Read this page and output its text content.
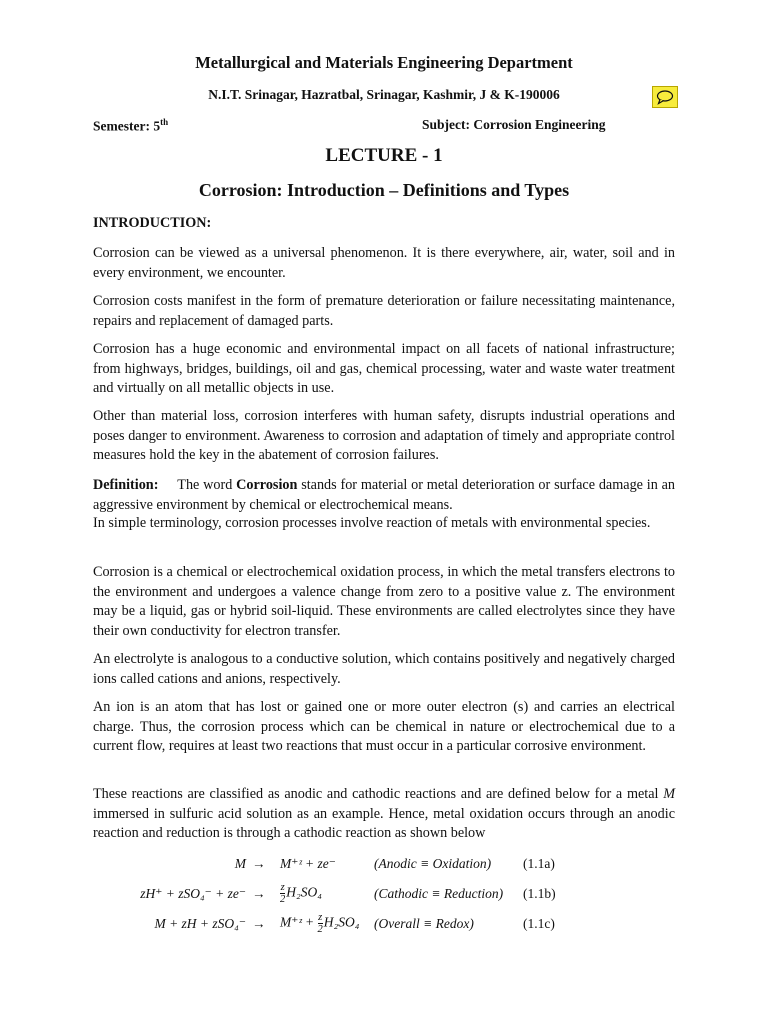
Metallurgical and Materials Engineering Department
N.I.T. Srinagar, Hazratbal, Srinagar, Kashmir, J & K-190006
Semester: 5th	Subject: Corrosion Engineering
LECTURE - 1
Corrosion: Introduction – Definitions and Types
INTRODUCTION:
Corrosion can be viewed as a universal phenomenon. It is there everywhere, air, water, soil and in every environment, we encounter.
Corrosion costs manifest in the form of premature deterioration or failure necessitating maintenance, repairs and replacement of damaged parts.
Corrosion has a huge economic and environmental impact on all facets of national infrastructure; from highways, bridges, buildings, oil and gas, chemical processing, water and waste water treatment and virtually on all metallic objects in use.
Other than material loss, corrosion interferes with human safety, disrupts industrial operations and poses danger to environment. Awareness to corrosion and adaptation of timely and appropriate control measures hold the key in the abatement of corrosion failures.
Definition: The word Corrosion stands for material or metal deterioration or surface damage in an aggressive environment by chemical or electrochemical means.
In simple terminology, corrosion processes involve reaction of metals with environmental species.
Corrosion is a chemical or electrochemical oxidation process, in which the metal transfers electrons to the environment and undergoes a valence change from zero to a positive value z. The environment may be a liquid, gas or hybrid soil-liquid. These environments are called electrolytes since they have their own conductivity for electron transfer.
An electrolyte is analogous to a conductive solution, which contains positively and negatively charged ions called cations and anions, respectively.
An ion is an atom that has lost or gained one or more outer electron (s) and carries an electrical charge. Thus, the corrosion process which can be chemical in nature or electrochemical due to a current flow, requires at least two reactions that must occur in a particular corrosive environment.
These reactions are classified as anodic and cathodic reactions and are defined below for a metal M immersed in sulfuric acid solution as an example. Hence, metal oxidation occurs through an anodic reaction and reduction is through a cathodic reaction as shown below
M → M⁺ᶻ + ze⁻	(Anodic ≡ Oxidation) (1.1a)
$zH^+ + zSO_4^- + ze^- \to \frac{z}{2} H_2SO_4$	(Cathodic ≡ Reduction) (1.1b)
M + zH + zSO₄⁻ → M⁺ᶻ + $\frac{z}{2} H_2SO_4$ (Overall ≡ Redox)	(1.1c)
